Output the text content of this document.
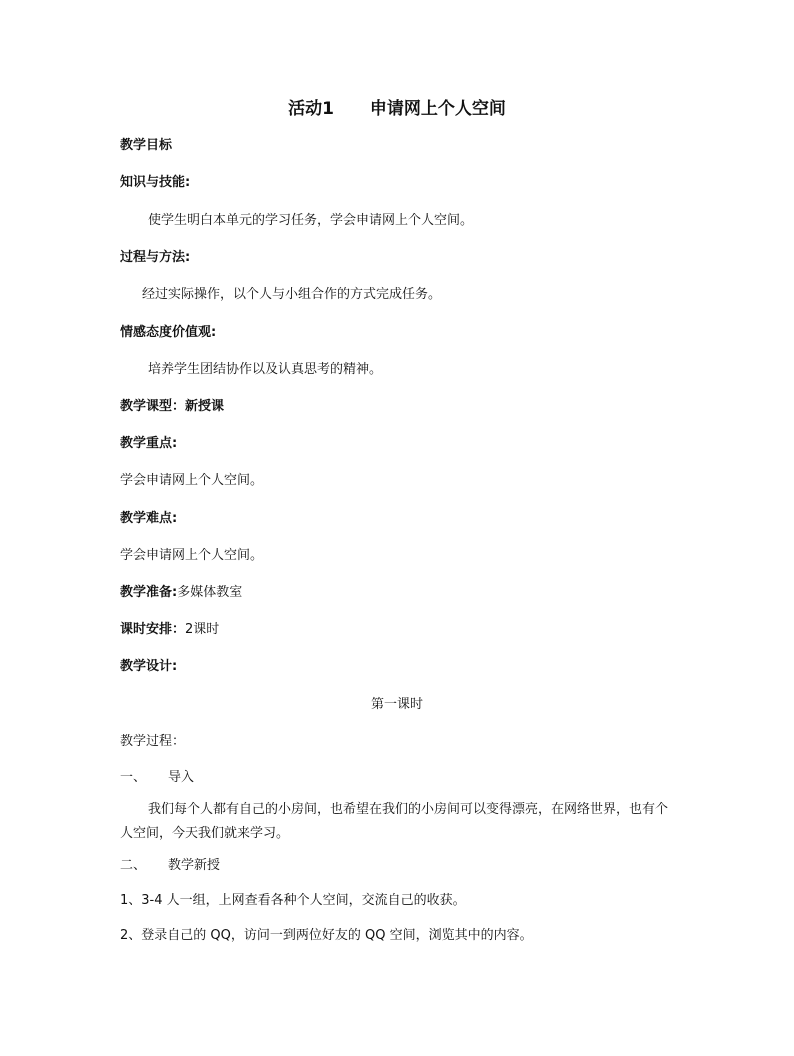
活动1 申请网上个人空间
教学目标
知识与技能:
使学生明白本单元的学习任务，学会申请网上个人空间。
过程与方法:
经过实际操作，以个人与小组合作的方式完成任务。
情感态度价值观:
培养学生团结协作以及认真思考的精神。
教学课型：新授课
教学重点:
学会申请网上个人空间。
教学难点:
学会申请网上个人空间。
教学准备:多媒体教室
课时安排：2课时
教学设计:
第一课时
教学过程：
一、 导入
我们每个人都有自己的小房间，也希望在我们的小房间可以变得漂亮，在网络世界，也有个人空间，今天我们就来学习。
二、 教学新授
1、3-4 人一组，上网查看各种个人空间，交流自己的收获。
2、登录自己的 QQ，访问一到两位好友的 QQ 空间，浏览其中的内容。
